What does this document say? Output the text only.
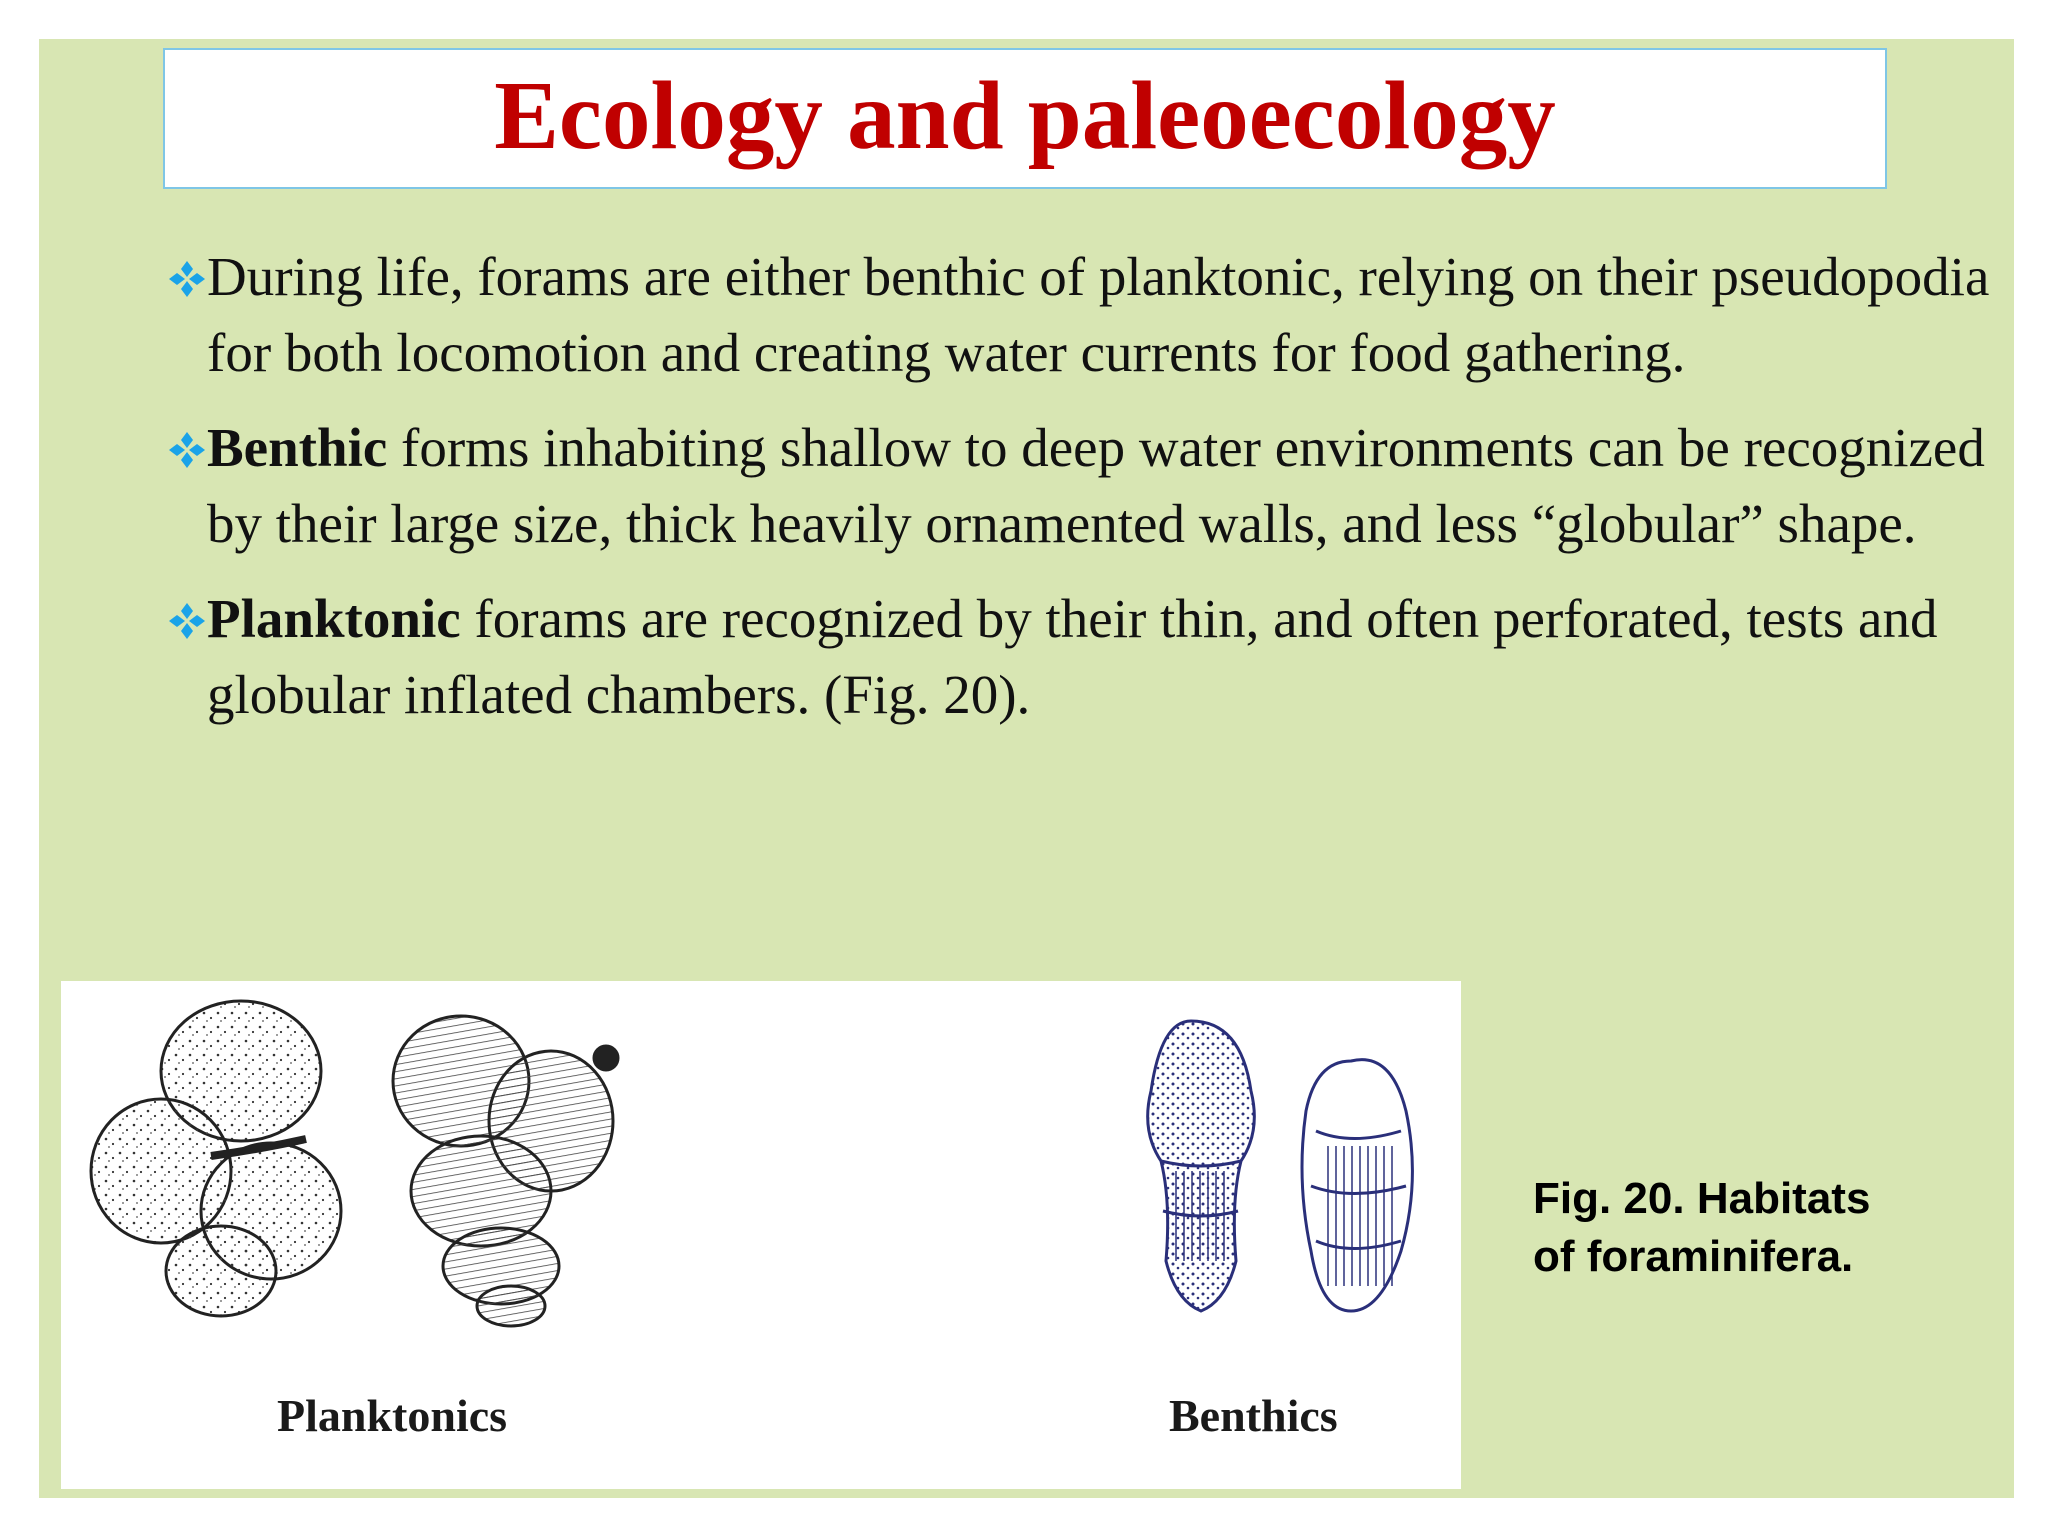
Ecology and paleoecology
During life, forams are either benthic of planktonic, relying on their pseudopodia for both locomotion and creating water currents for food gathering.
Benthic forms inhabiting shallow to deep water environments can be recognized by their large size, thick heavily ornamented walls, and less “globular” shape.
Planktonic forams are recognized by their thin, and often perforated, tests and globular inflated chambers. (Fig. 20).
Planktonics	Benthics
Fig. 20. Habitats
of foraminifera.
